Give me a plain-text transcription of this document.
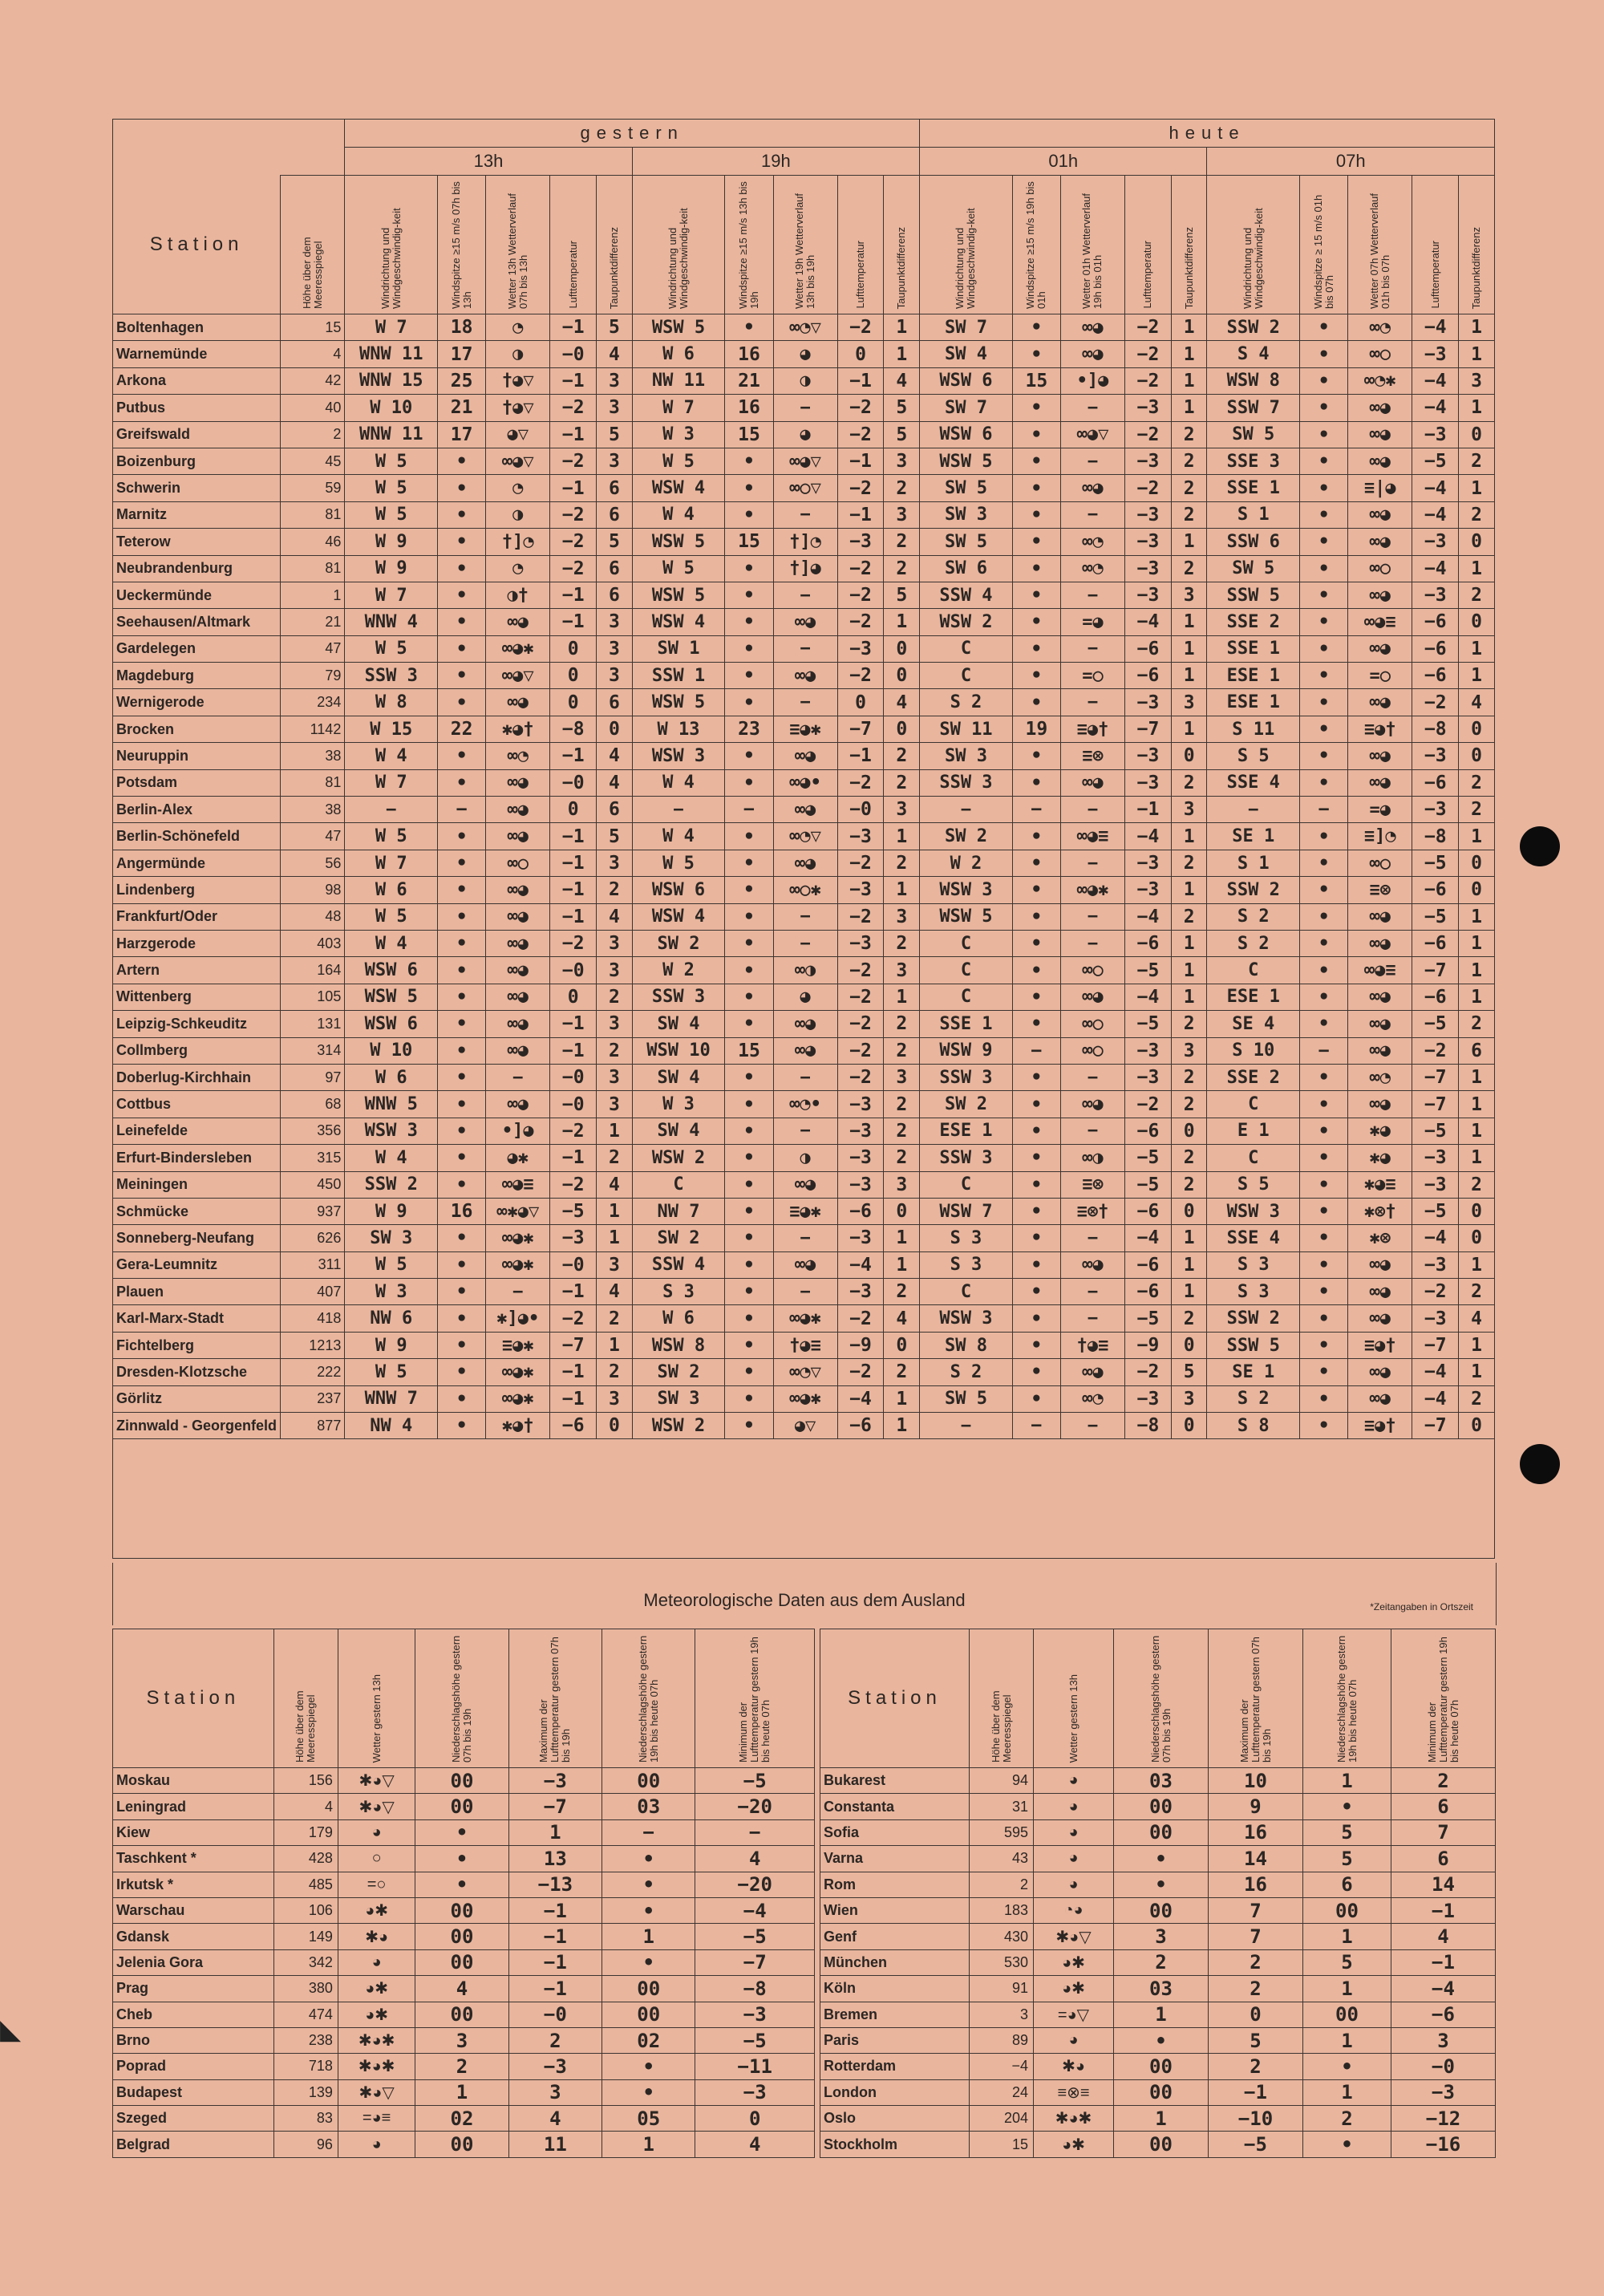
		gestern										heute									
		13h					19h					01h					07h				
Station	Höhe über dem Meeresspiegel	Windrichtung und Windgeschwindig-keit	Windspitze ≥15 m/s 07h bis 13h	Wetter 13h Wetterverlauf 07h bis 13h	Lufttemperatur	Taupunktdifferenz	Windrichtung und Windgeschwindig-keit	Windspitze ≥15 m/s 13h bis 19h	Wetter 19h Wetterverlauf 13h bis 19h	Lufttemperatur	Taupunktdifferenz	Windrichtung und Windgeschwindig-keit	Windspitze ≥15 m/s 19h bis 01h	Wetter 01h Wetterverlauf 19h bis 01h	Lufttemperatur	Taupunktdifferenz	Windrichtung und Windgeschwindig-keit	Windspitze ≥ 15 m/s 01h bis 07h	Wetter 07h Wetterverlauf 01h bis 07h	Lufttemperatur	Taupunktdifferenz

Boltenhagen	15	W 7	18	◔	−1	5	WSW 5	•	∞◔▽	−2	1	SW 7	•	∞◕	−2	1	SSW 2	•	∞◔	−4	1
Warnemünde	4	WNW 11	17	◑	−0	4	W 6	16	◕	0	1	SW 4	•	∞◕	−2	1	S 4	•	∞○	−3	1
Arkona	42	WNW 15	25	†◕▽	−1	3	NW 11	21	◑	−1	4	WSW 6	15	•]◕	−2	1	WSW 8	•	∞◔✱	−4	3
Putbus	40	W 10	21	†◕▽	−2	3	W 7	16	−	−2	5	SW 7	•	−	−3	1	SSW 7	•	∞◕	−4	1
Greifswald	2	WNW 11	17	◕▽	−1	5	W 3	15	◕	−2	5	WSW 6	•	∞◕▽	−2	2	SW 5	•	∞◕	−3	0
Boizenburg	45	W 5	•	∞◕▽	−2	3	W 5	•	∞◕▽	−1	3	WSW 5	•	−	−3	2	SSE 3	•	∞◕	−5	2
Schwerin	59	W 5	•	◔	−1	6	WSW 4	•	∞○▽	−2	2	SW 5	•	∞◕	−2	2	SSE 1	•	≡|◕	−4	1
Marnitz	81	W 5	•	◑	−2	6	W 4	•	−	−1	3	SW 3	•	−	−3	2	S 1	•	∞◕	−4	2
Teterow	46	W 9	•	†]◔	−2	5	WSW 5	15	†]◔	−3	2	SW 5	•	∞◔	−3	1	SSW 6	•	∞◕	−3	0
Neubrandenburg	81	W 9	•	◔	−2	6	W 5	•	†]◕	−2	2	SW 6	•	∞◔	−3	2	SW 5	•	∞○	−4	1
Ueckermünde	1	W 7	•	◑†	−1	6	WSW 5	•	−	−2	5	SSW 4	•	−	−3	3	SSW 5	•	∞◕	−3	2
Seehausen/Altmark	21	WNW 4	•	∞◕	−1	3	WSW 4	•	∞◕	−2	1	WSW 2	•	=◕	−4	1	SSE 2	•	∞◕≡	−6	0
Gardelegen	47	W 5	•	∞◕✱	0	3	SW 1	•	−	−3	0	C	•	−	−6	1	SSE 1	•	∞◕	−6	1
Magdeburg	79	SSW 3	•	∞◕▽	0	3	SSW 1	•	∞◕	−2	0	C	•	=○	−6	1	ESE 1	•	=○	−6	1
Wernigerode	234	W 8	•	∞◕	0	6	WSW 5	•	−	0	4	S 2	•	−	−3	3	ESE 1	•	∞◕	−2	4
Brocken	1142	W 15	22	✱◕†	−8	0	W 13	23	≡◕✱	−7	0	SW 11	19	≡◕†	−7	1	S 11	•	≡◕†	−8	0
Neuruppin	38	W 4	•	∞◔	−1	4	WSW 3	•	∞◕	−1	2	SW 3	•	≡⊗	−3	0	S 5	•	∞◕	−3	0
Potsdam	81	W 7	•	∞◕	−0	4	W 4	•	∞◕•	−2	2	SSW 3	•	∞◕	−3	2	SSE 4	•	∞◕	−6	2
Berlin-Alex	38	−	−	∞◕	0	6	−	−	∞◕	−0	3	−	−	−	−1	3	−	−	=◕	−3	2
Berlin-Schönefeld	47	W 5	•	∞◕	−1	5	W 4	•	∞◔▽	−3	1	SW 2	•	∞◕≡	−4	1	SE 1	•	≡]◔	−8	1
Angermünde	56	W 7	•	∞○	−1	3	W 5	•	∞◕	−2	2	W 2	•	−	−3	2	S 1	•	∞○	−5	0
Lindenberg	98	W 6	•	∞◕	−1	2	WSW 6	•	∞○✱	−3	1	WSW 3	•	∞◕✱	−3	1	SSW 2	•	≡⊗	−6	0
Frankfurt/Oder	48	W 5	•	∞◕	−1	4	WSW 4	•	−	−2	3	WSW 5	•	−	−4	2	S 2	•	∞◕	−5	1
Harzgerode	403	W 4	•	∞◕	−2	3	SW 2	•	−	−3	2	C	•	−	−6	1	S 2	•	∞◕	−6	1
Artern	164	WSW 6	•	∞◕	−0	3	W 2	•	∞◑	−2	3	C	•	∞○	−5	1	C	•	∞◕≡	−7	1
Wittenberg	105	WSW 5	•	∞◕	0	2	SSW 3	•	◕	−2	1	C	•	∞◕	−4	1	ESE 1	•	∞◕	−6	1
Leipzig-Schkeuditz	131	WSW 6	•	∞◕	−1	3	SW 4	•	∞◕	−2	2	SSE 1	•	∞○	−5	2	SE 4	•	∞◕	−5	2
Collmberg	314	W 10	•	∞◕	−1	2	WSW 10	15	∞◕	−2	2	WSW 9	−	∞○	−3	3	S 10	−	∞◕	−2	6
Doberlug-Kirchhain	97	W 6	•	−	−0	3	SW 4	•	−	−2	3	SSW 3	•	−	−3	2	SSE 2	•	∞◔	−7	1
Cottbus	68	WNW 5	•	∞◕	−0	3	W 3	•	∞◔•	−3	2	SW 2	•	∞◕	−2	2	C	•	∞◕	−7	1
Leinefelde	356	WSW 3	•	•]◕	−2	1	SW 4	•	−	−3	2	ESE 1	•	−	−6	0	E 1	•	✱◕	−5	1
Erfurt-Bindersleben	315	W 4	•	◕✱	−1	2	WSW 2	•	◑	−3	2	SSW 3	•	∞◑	−5	2	C	•	✱◕	−3	1
Meiningen	450	SSW 2	•	∞◕≡	−2	4	C	•	∞◕	−3	3	C	•	≡⊗	−5	2	S 5	•	✱◕≡	−3	2
Schmücke	937	W 9	16	∞✱◕▽	−5	1	NW 7	•	≡◕✱	−6	0	WSW 7	•	≡⊗†	−6	0	WSW 3	•	✱⊗†	−5	0
Sonneberg-Neufang	626	SW 3	•	∞◕✱	−3	1	SW 2	•	−	−3	1	S 3	•	−	−4	1	SSE 4	•	✱⊗	−4	0
Gera-Leumnitz	311	W 5	•	∞◕✱	−0	3	SSW 4	•	∞◕	−4	1	S 3	•	∞◕	−6	1	S 3	•	∞◕	−3	1
Plauen	407	W 3	•	−	−1	4	S 3	•	−	−3	2	C	•	−	−6	1	S 3	•	∞◕	−2	2
Karl-Marx-Stadt	418	NW 6	•	✱]◕•	−2	2	W 6	•	∞◕✱	−2	4	WSW 3	•	−	−5	2	SSW 2	•	∞◕	−3	4
Fichtelberg	1213	W 9	•	≡◕✱	−7	1	WSW 8	•	†◕≡	−9	0	SW 8	•	†◕≡	−9	0	SSW 5	•	≡◕†	−7	1
Dresden-Klotzsche	222	W 5	•	∞◕✱	−1	2	SW 2	•	∞◔▽	−2	2	S 2	•	∞◕	−2	5	SE 1	•	∞◕	−4	1
Görlitz	237	WNW 7	•	∞◕✱	−1	3	SW 3	•	∞◕✱	−4	1	SW 5	•	∞◔	−3	3	S 2	•	∞◕	−4	2
Zinnwald - Georgenfeld	877	NW 4	•	✱◕†	−6	0	WSW 2	•	◕▽	−6	1	−	−	−	−8	0	S 8	•	≡◕†	−7	0

Meteorologische Daten aus dem Ausland	*Zeitangaben in Ortszeit
Station	Höhe über dem Meeresspiegel	Wetter gestern 13h	Niederschlagshöhe gestern 07h bis 19h	Maximum der Lufttemperatur gestern 07h bis 19h	Niederschlagshöhe gestern 19h bis heute 07h	Minimum der Lufttemperatur gestern 19h bis heute 07h

Moskau	156	✱◕▽	00	−3	00	−5
Leningrad	4	✱◕▽	00	−7	03	−20
Kiew	179	◕	•	1	−	−
Taschkent *	428	○	•	13	•	4
Irkutsk *	485	=○	•	−13	•	−20
Warschau	106	◕✱	00	−1	•	−4
Gdansk	149	✱◕	00	−1	1	−5
Jelenia Gora	342	◕	00	−1	•	−7
Prag	380	◕✱	4	−1	00	−8
Cheb	474	◕✱	00	−0	00	−3
Brno	238	✱◕✱	3	2	02	−5
Poprad	718	✱◕✱	2	−3	•	−11
Budapest	139	✱◕▽	1	3	•	−3
Szeged	83	=◕≡	02	4	05	0
Belgrad	96	◕	00	11	1	4
Station	Höhe über dem Meeresspiegel	Wetter gestern 13h	Niederschlagshöhe gestern 07h bis 19h	Maximum der Lufttemperatur gestern 07h bis 19h	Niederschlagshöhe gestern 19h bis heute 07h	Minimum der Lufttemperatur gestern 19h bis heute 07h

Bukarest	94	◕	03	10	1	2
Constanta	31	◕	00	9	•	6
Sofia	595	◕	00	16	5	7
Varna	43	◕	•	14	5	6
Rom	2	◕	•	16	6	14
Wien	183	◔◕	00	7	00	−1
Genf	430	✱◕▽	3	7	1	4
München	530	◕✱	2	2	5	−1
Köln	91	◕✱	03	2	1	−4
Bremen	3	=◕▽	1	0	00	−6
Paris	89	◕	•	5	1	3
Rotterdam	−4	✱◕	00	2	•	−0
London	24	≡⊗≡	00	−1	1	−3
Oslo	204	✱◕✱	1	−10	2	−12
Stockholm	15	◕✱	00	−5	•	−16
◣
